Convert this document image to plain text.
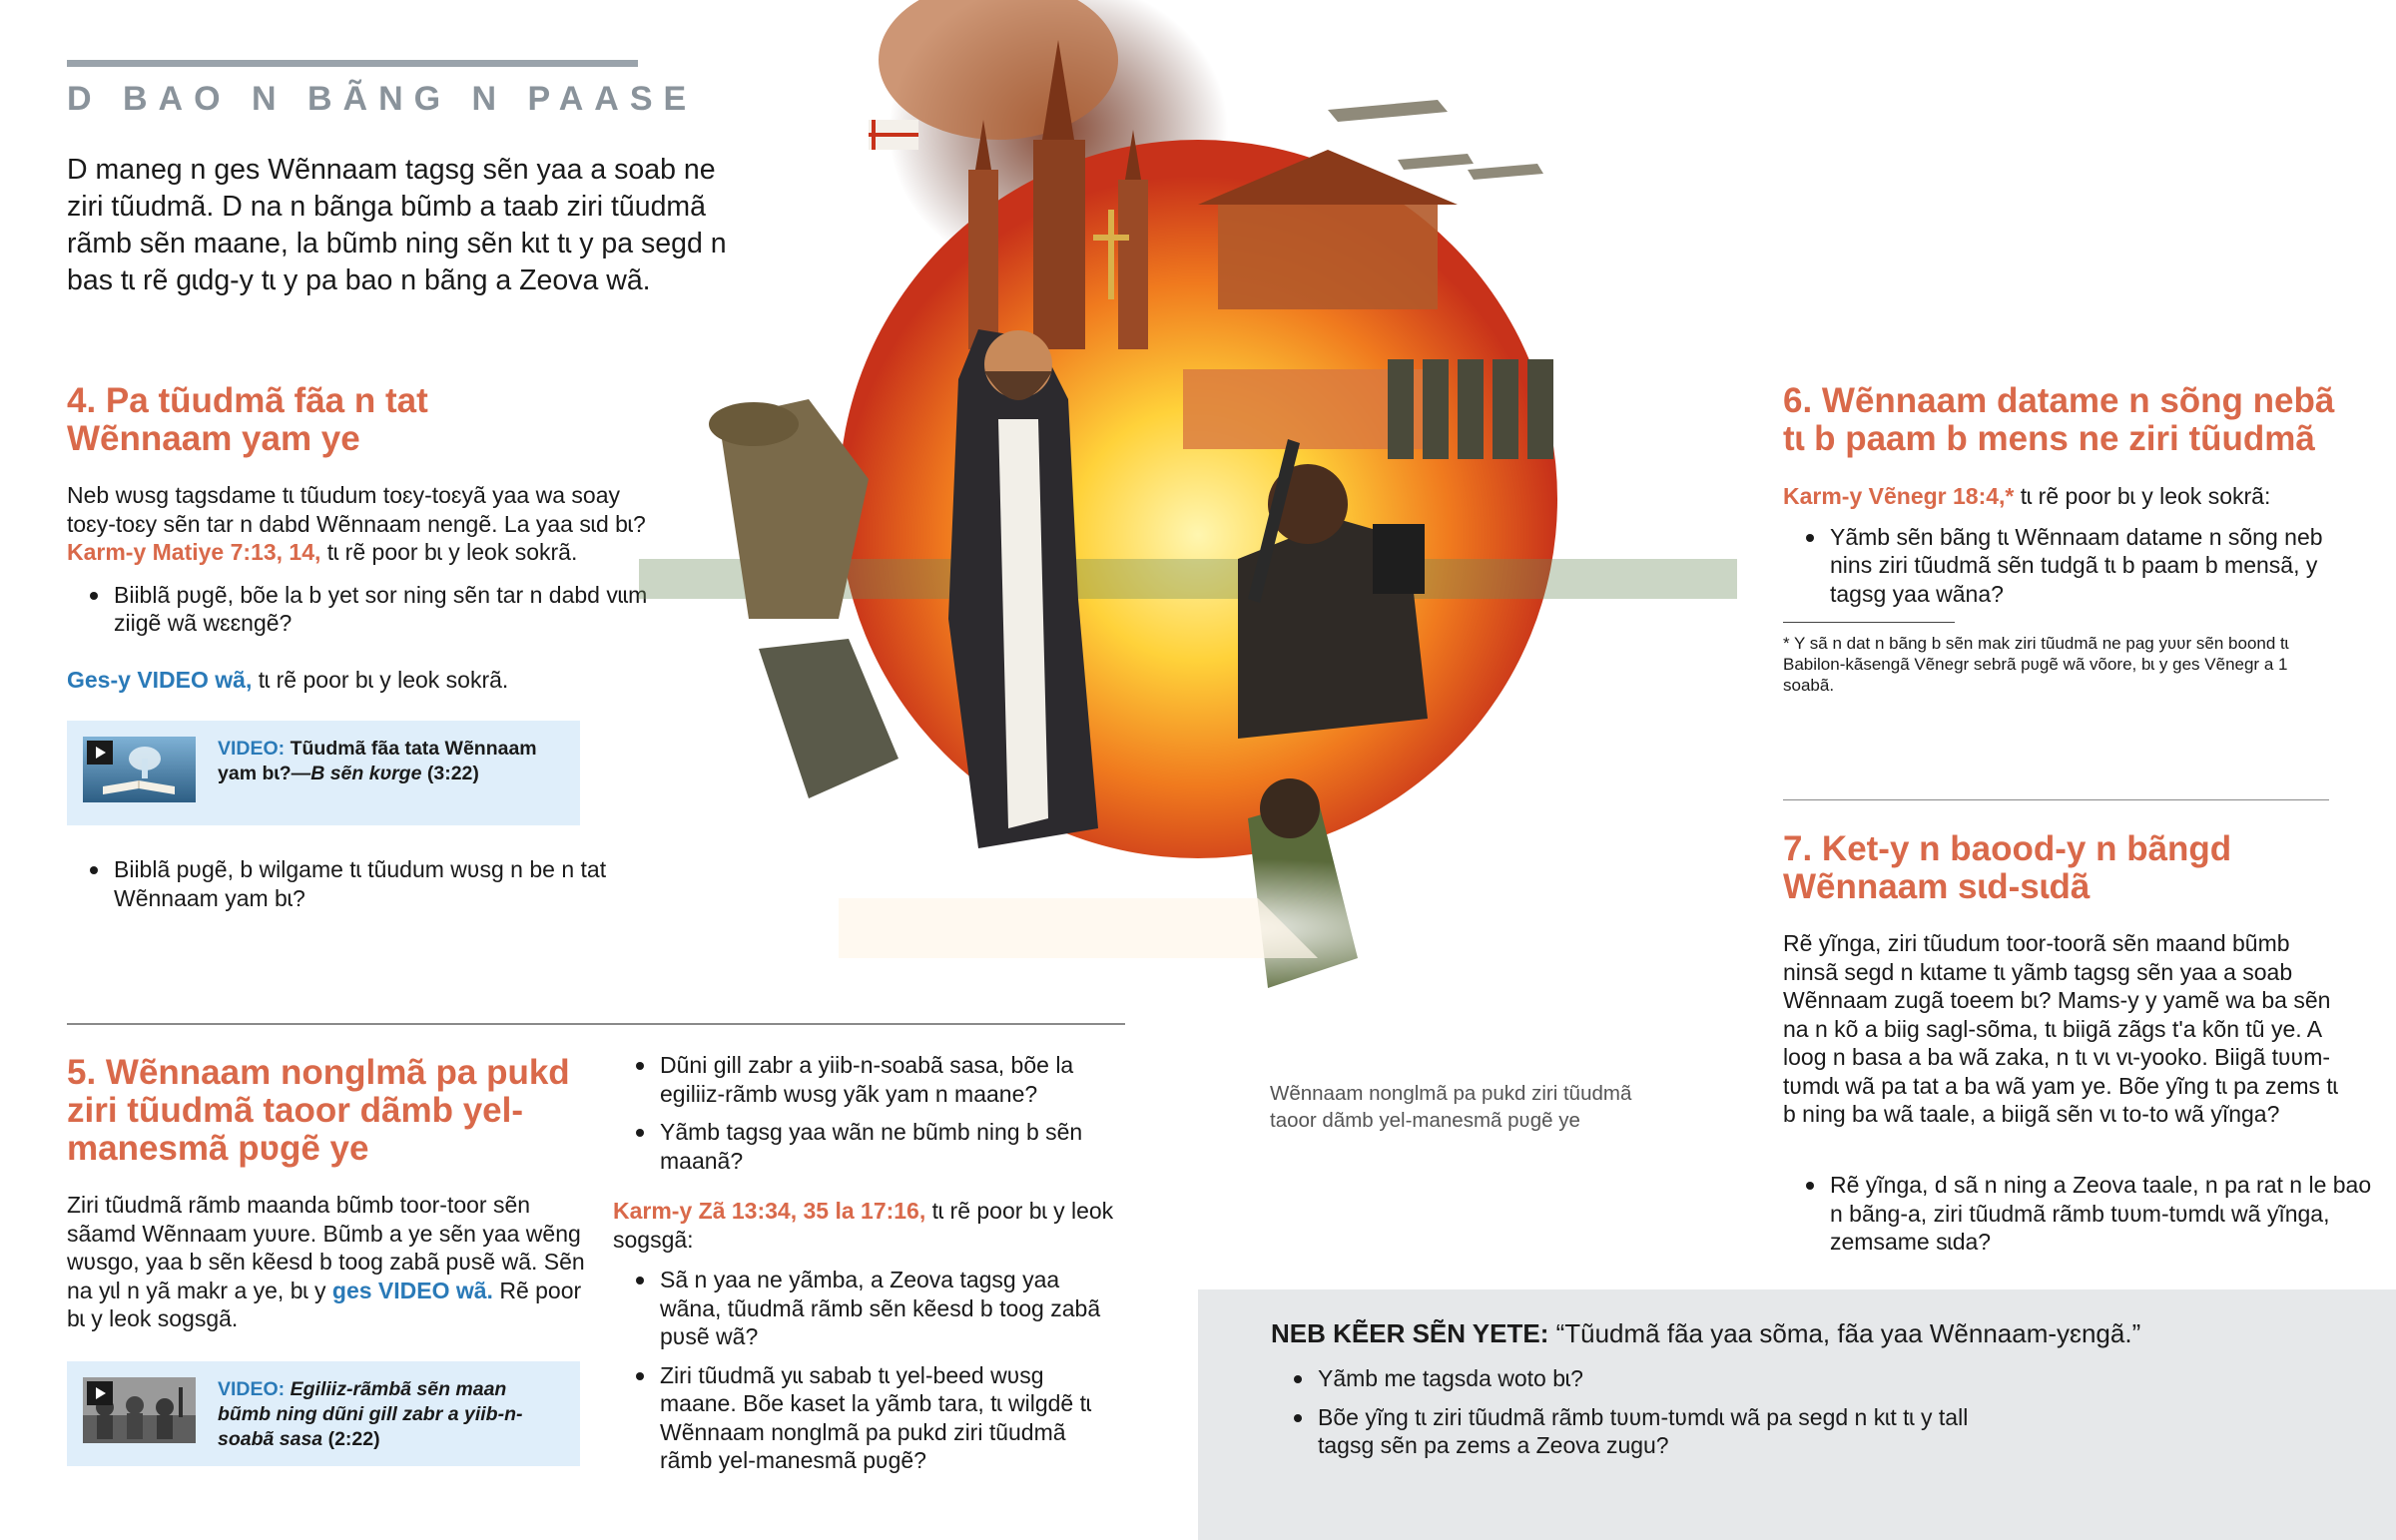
D BAO N BÃNG N PAASE
D maneg n ges Wẽnnaam tagsg sẽn yaa a soab ne ziri tũudmã. D na n bãnga bũmb a taab ziri tũudmã rãmb sẽn maane, la bũmb ning sẽn kɩt tɩ y pa segd n bas tɩ rẽ gɩdg-y tɩ y pa bao n bãng a Zeova wã.
4. Pa tũudmã fãa n tat Wẽnnaam yam ye
Neb wʋsg tagsdame tɩ tũudum toɛy-toɛyã yaa wa soay toɛy-toɛy sẽn tar n dabd Wẽnnaam nengẽ. La yaa sɩd bɩ?
Karm-y Matiye 7:13, 14, tɩ rẽ poor bɩ y leok sokrã.
Biiblã pʋgẽ, bõe la b yet sor ning sẽn tar n dabd vɩɩm ziigẽ wã wɛɛngẽ?
Ges-y VIDEO wã, tɩ rẽ poor bɩ y leok sokrã.
VIDEO: Tũudmã fãa tata Wẽnnaam yam bɩ?—B sẽn kʋrge (3:22)
Biiblã pʋgẽ, b wilgame tɩ tũudum wʋsg n be n tat Wẽnnaam yam bɩ?
5. Wẽnnaam nonglmã pa pukd ziri tũudmã taoor dãmb yel-manesmã pʋgẽ ye
Ziri tũudmã rãmb maanda bũmb toor-toor sẽn sãamd Wẽnnaam yʋʋre. Bũmb a ye sẽn yaa wẽng wʋsgo, yaa b sẽn kẽesd b toog zabã pʋsẽ wã. Sẽn na yɩl n yã makr a ye, bɩ y ges VIDEO wã. Rẽ poor bɩ y leok sogsgã.
VIDEO: Egiliiz-rãmbã sẽn maan bũmb ning dũni gill zabr a yiib-n-soabã sasa (2:22)
Dũni gill zabr a yiib-n-soabã sasa, bõe la egiliiz-rãmb wʋsg yãk yam n maane?
Yãmb tagsg yaa wãn ne bũmb ning b sẽn maanã?
Karm-y Zã 13:34, 35 la 17:16, tɩ rẽ poor bɩ y leok sogsgã:
Sã n yaa ne yãmba, a Zeova tagsg yaa wãna, tũudmã rãmb sẽn kẽesd b toog zabã pʋsẽ wã?
Ziri tũudmã yɩɩ sabab tɩ yel-beed wʋsg maane. Bõe kaset la yãmb tara, tɩ wilgdẽ tɩ Wẽnnaam nonglmã pa pukd ziri tũudmã rãmb yel-manesmã pʋgẽ?
Wẽnnaam nonglmã pa pukd ziri tũudmã taoor dãmb yel-manesmã pʋgẽ ye
6. Wẽnnaam datame n sõng nebã tɩ b paam b mens ne ziri tũudmã
Karm-y Vẽnegr 18:4,* tɩ rẽ poor bɩ y leok sokrã:
Yãmb sẽn bãng tɩ Wẽnnaam datame n sõng neb nins ziri tũudmã sẽn tudgã tɩ b paam b mensã, y tagsg yaa wãna?
* Y sã n dat n bãng b sẽn mak ziri tũudmã ne pag yʋʋr sẽn boond tɩ Babilon-kãsengã Vẽnegr sebrã pʋgẽ wã võore, bɩ y ges Vẽnegr a 1 soabã.
7. Ket-y n baood-y n bãngd Wẽnnaam sɩd-sɩdã
Rẽ yĩnga, ziri tũudum toor-toorã sẽn maand bũmb ninsã segd n kɩtame tɩ yãmb tagsg sẽn yaa a soab Wẽnnaam zugã toeem bɩ? Mams-y y yamẽ wa ba sẽn na n kõ a biig sagl-sõma, tɩ biigã zãgs t'a kõn tũ ye. A loog n basa a ba wã zaka, n tɩ vɩ vɩ-yooko. Biigã tʋʋm-tʋmdɩ wã pa tat a ba wã yam ye. Bõe yĩng tɩ pa zems tɩ b ning ba wã taale, a biigã sẽn vɩ to-to wã yĩnga?
Rẽ yĩnga, d sã n ning a Zeova taale, n pa rat n le bao n bãng-a, ziri tũudmã rãmb tʋʋm-tʋmdɩ wã yĩnga, zemsame sɩda?
NEB KẼER SẼN YETE: “Tũudmã fãa yaa sõma, fãa yaa Wẽnnaam-yɛngã.”
Yãmb me tagsda woto bɩ?
Bõe yĩng tɩ ziri tũudmã rãmb tʋʋm-tʋmdɩ wã pa segd n kɩt tɩ y tall tagsg sẽn pa zems a Zeova zugu?
